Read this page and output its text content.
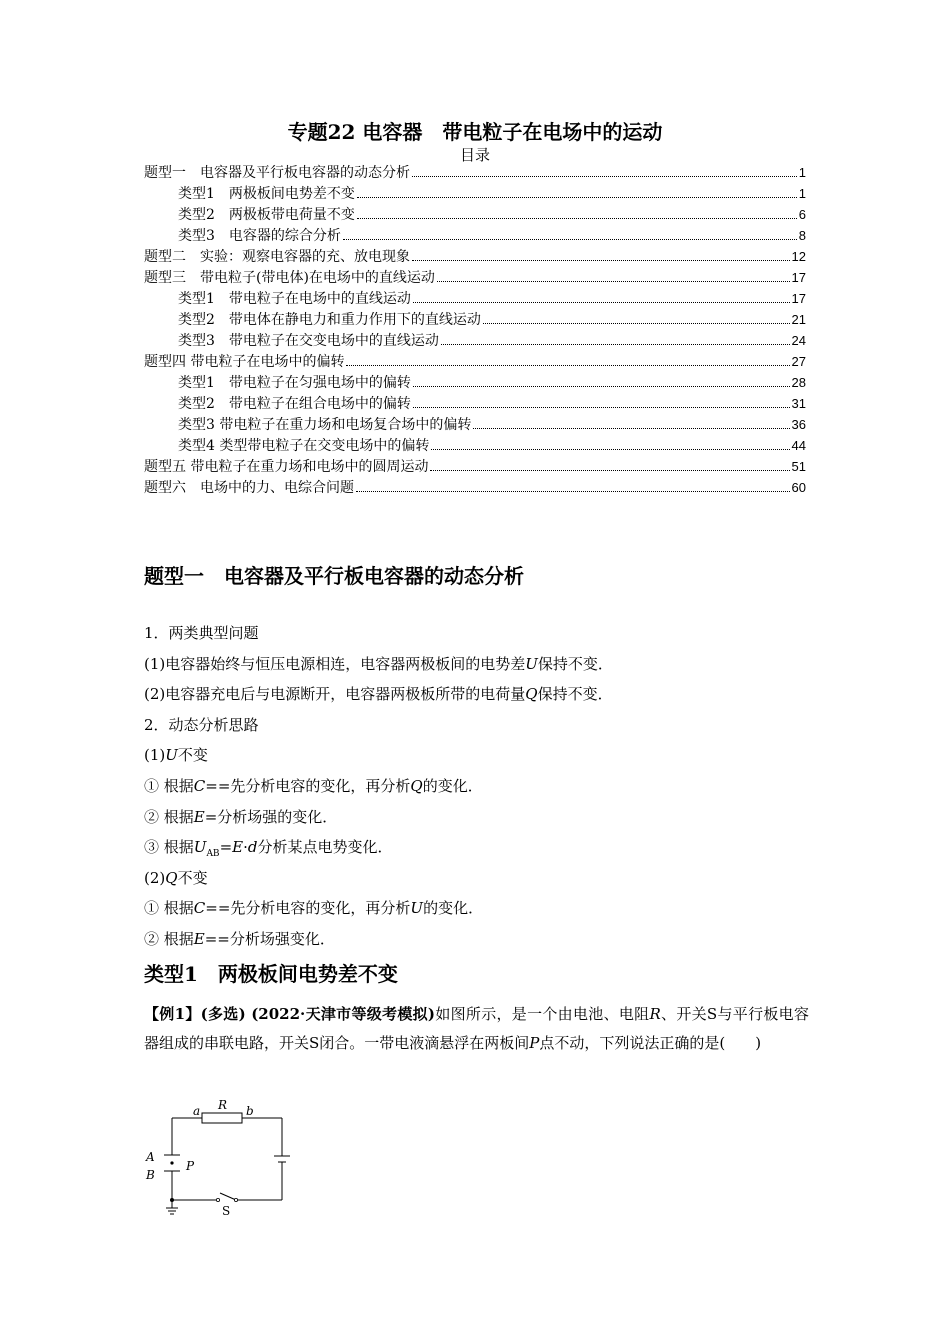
专题22 电容器　带电粒子在电场中的运动
目录
题型一　电容器及平行板电容器的动态分析	1
类型1　两极板间电势差不变	1
类型2　两极板带电荷量不变	6
类型3　电容器的综合分析	8
题型二　实验：观察电容器的充、放电现象	12
题型三　带电粒子(带电体)在电场中的直线运动	17
类型1　带电粒子在电场中的直线运动	17
类型2　带电体在静电力和重力作用下的直线运动	21
类型3　带电粒子在交变电场中的直线运动	24
题型四 带电粒子在电场中的偏转	27
类型1　带电粒子在匀强电场中的偏转	28
类型2　带电粒子在组合电场中的偏转	31
类型3 带电粒子在重力场和电场复合场中的偏转	36
类型4 类型带电粒子在交变电场中的偏转	44
题型五 带电粒子在重力场和电场中的圆周运动	51
题型六　电场中的力、电综合问题	60
题型一　电容器及平行板电容器的动态分析
1．两类典型问题
(1)电容器始终与恒压电源相连，电容器两极板间的电势差U保持不变．
(2)电容器充电后与电源断开，电容器两极板所带的电荷量Q保持不变．
2．动态分析思路
(1)U不变
① 根据C==先分析电容的变化，再分析Q的变化．
② 根据E=分析场强的变化．
③ 根据$U_{AB}=E\cdot d$分析某点电势变化．
(2)Q不变
① 根据C==先分析电容的变化，再分析U的变化．
② 根据E==分析场强变化．
类型1　两极板间电势差不变
【例1】(多选) (2022·天津市等级考模拟)如图所示，是一个由电池、电阻R、开关S与平行板电容器组成的串联电路，开关S闭合。一带电液滴悬浮在两板间P点不动，下列说法正确的是(　　)
a R b
A
B
P
S
